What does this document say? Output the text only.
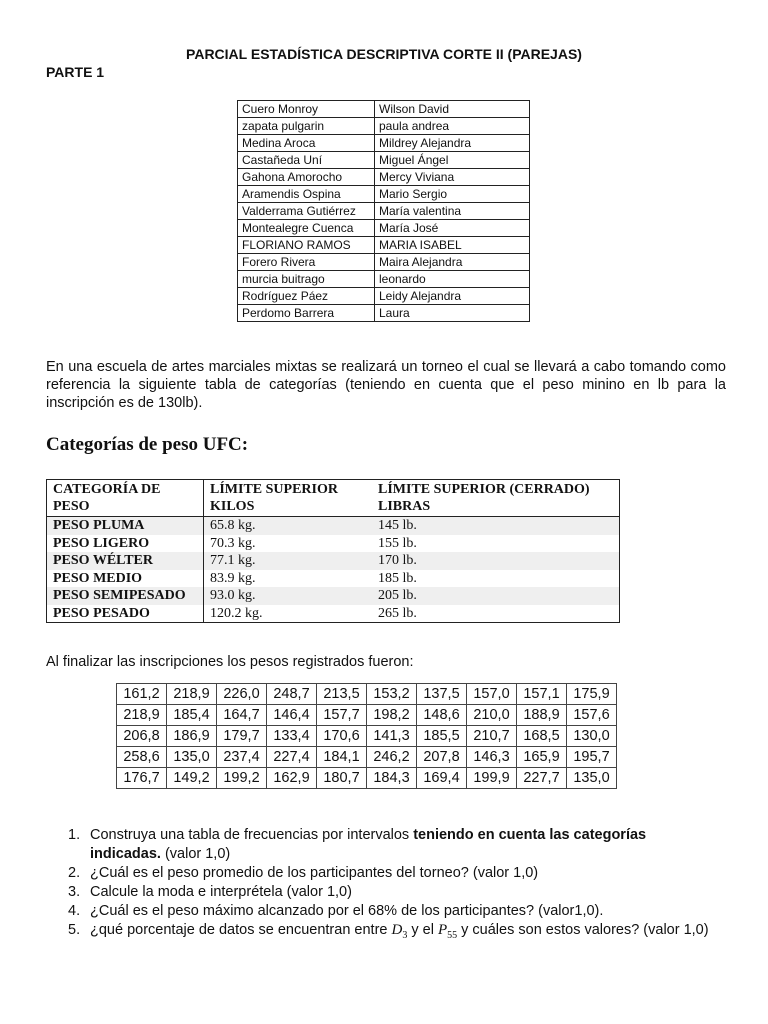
PARCIAL ESTADÍSTICA DESCRIPTIVA CORTE II (PAREJAS)
PARTE 1
Cuero Monroy	Wilson David
zapata pulgarin	paula andrea
Medina Aroca	Mildrey Alejandra
Castañeda Uní	Miguel Ángel
Gahona Amorocho	Mercy Viviana
Aramendis Ospina	Mario Sergio
Valderrama Gutiérrez	María valentina
Montealegre Cuenca	María José
FLORIANO RAMOS	MARIA ISABEL
Forero Rivera	Maira Alejandra
murcia buitrago	leonardo
Rodríguez Páez	Leidy Alejandra
Perdomo Barrera	Laura
En una escuela de artes marciales mixtas se realizará un torneo el cual se llevará a cabo tomando como referencia la siguiente tabla de categorías (teniendo en cuenta que el peso minino en lb para la inscripción es de 130lb).
Categorías de peso UFC:
CATEGORÍA DE PESO	LÍMITE SUPERIOR KILOS	LÍMITE SUPERIOR (CERRADO) LIBRAS
PESO PLUMA	65.8 kg.	145 lb.
PESO LIGERO	70.3 kg.	155 lb.
PESO WÉLTER	77.1 kg.	170 lb.
PESO MEDIO	83.9 kg.	185 lb.
PESO SEMIPESADO	93.0 kg.	205 lb.
PESO PESADO	120.2 kg.	265 lb.
Al finalizar las inscripciones los pesos registrados fueron:
161,2	218,9	226,0	248,7	213,5	153,2	137,5	157,0	157,1	175,9
218,9	185,4	164,7	146,4	157,7	198,2	148,6	210,0	188,9	157,6
206,8	186,9	179,7	133,4	170,6	141,3	185,5	210,7	168,5	130,0
258,6	135,0	237,4	227,4	184,1	246,2	207,8	146,3	165,9	195,7
176,7	149,2	199,2	162,9	180,7	184,3	169,4	199,9	227,7	135,0
1. Construya una tabla de frecuencias por intervalos teniendo en cuenta las categorías indicadas. (valor 1,0)
2. ¿Cuál es el peso promedio de los participantes del torneo? (valor 1,0)
3. Calcule la moda e interprétela (valor 1,0)
4. ¿Cuál es el peso máximo alcanzado por el 68% de los participantes? (valor1,0).
5. ¿qué porcentaje de datos se encuentran entre $D_3$ y el $P_{55}$ y cuáles son estos valores? (valor 1,0)
